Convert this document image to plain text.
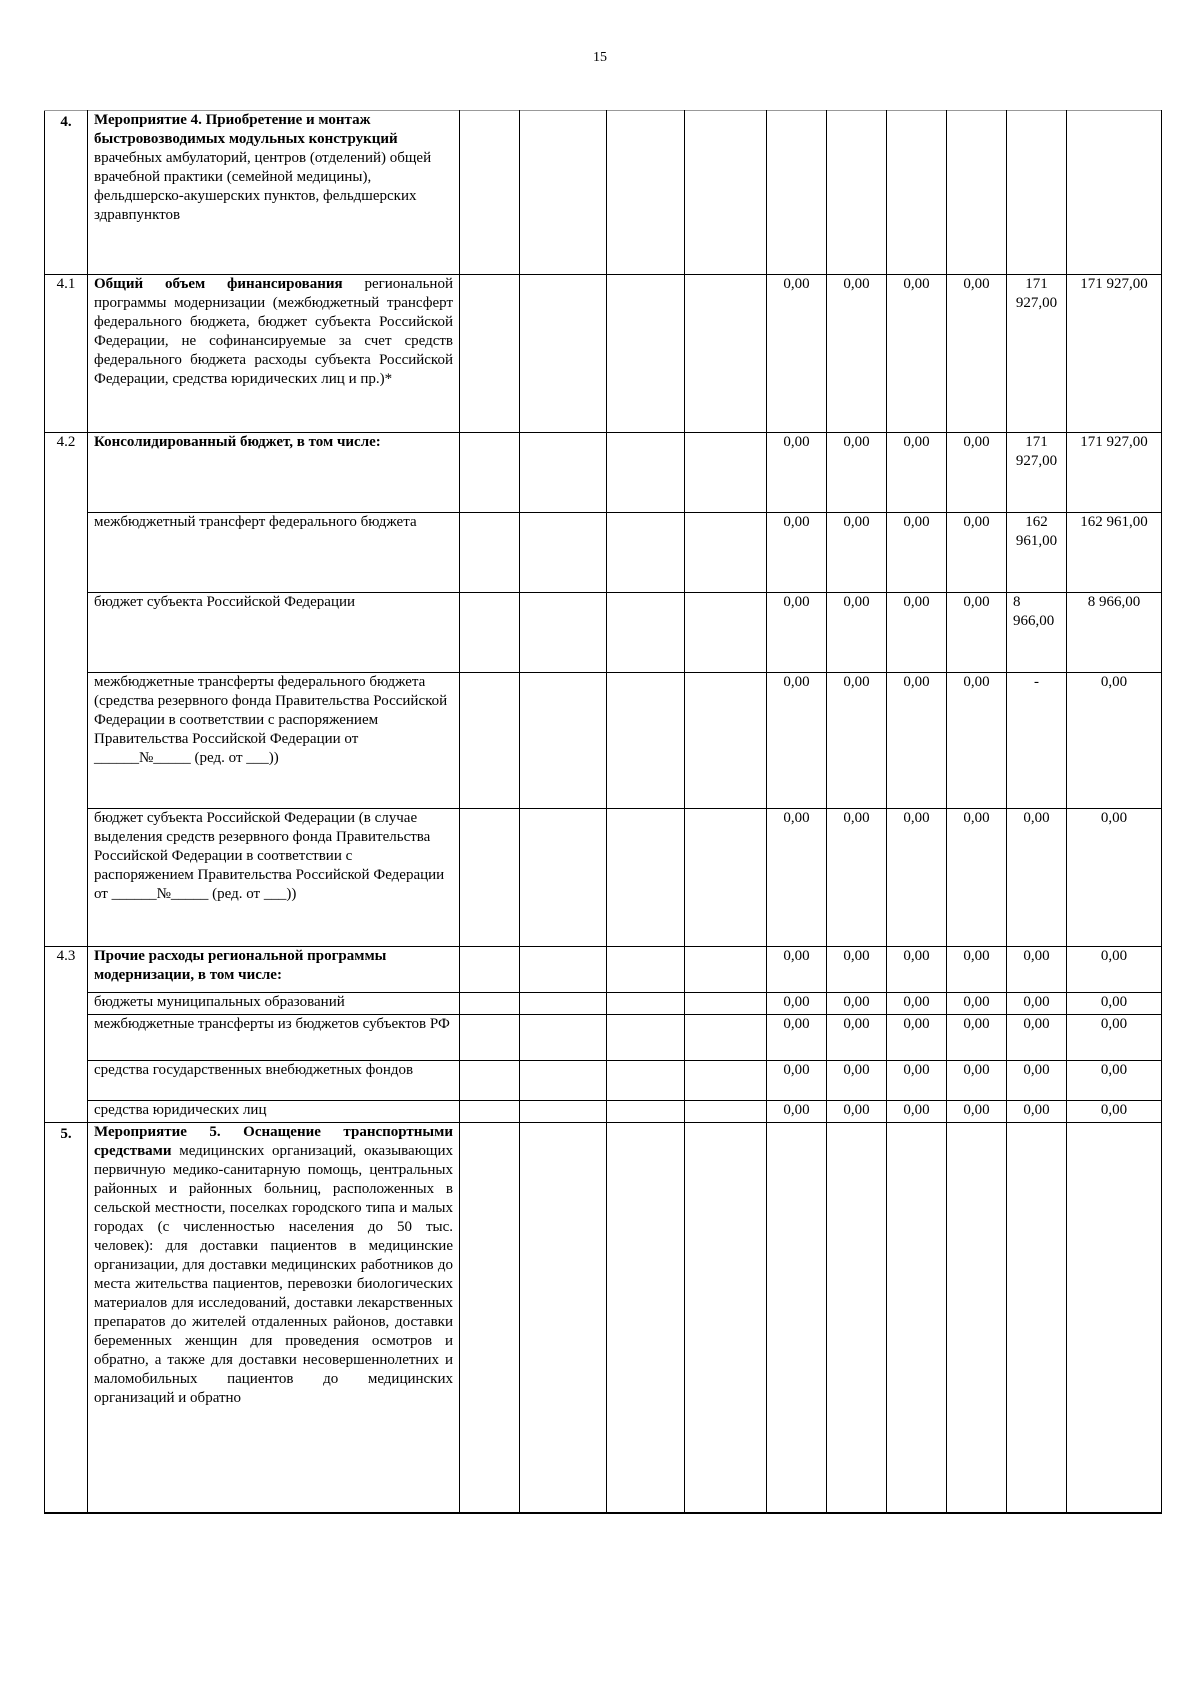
15
4.	Мероприятие 4. Приобретение и монтаж быстровозводимых модульных конструкций врачебных амбулаторий, центров (отделений) общей врачебной практики (семейной медицины), фельдшерско-акушерских пунктов, фельдшерских здравпунктов										
4.1	Общий объем финансирования региональной программы модернизации (межбюджетный трансферт федерального бюджета, бюджет субъекта Российской Федерации, не софинансируемые за счет средств федерального бюджета расходы субъекта Российской Федерации, средства юридических лиц и пр.)*					0,00	0,00	0,00	0,00	171 927,00	171 927,00
4.2	Консолидированный бюджет, в том числе:					0,00	0,00	0,00	0,00	171 927,00	171 927,00
	межбюджетный трансферт федерального бюджета					0,00	0,00	0,00	0,00	162 961,00	162 961,00
	бюджет субъекта Российской Федерации					0,00	0,00	0,00	0,00	8 966,00	8 966,00
	межбюджетные трансферты федерального бюджета (средства резервного фонда Правительства Российской Федерации в соответствии с распоряжением Правительства Российской Федерации от ______№_____ (ред. от ___))					0,00	0,00	0,00	0,00	-	0,00
	бюджет субъекта Российской Федерации (в случае выделения средств резервного фонда Правительства Российской Федерации в соответствии с распоряжением Правительства Российской Федерации от ______№_____ (ред. от ___))					0,00	0,00	0,00	0,00	0,00	0,00
4.3	Прочие расходы региональной программы модернизации, в том числе:					0,00	0,00	0,00	0,00	0,00	0,00
	бюджеты муниципальных образований					0,00	0,00	0,00	0,00	0,00	0,00
	межбюджетные трансферты из бюджетов субъектов РФ					0,00	0,00	0,00	0,00	0,00	0,00
	средства государственных внебюджетных фондов					0,00	0,00	0,00	0,00	0,00	0,00
	средства юридических лиц					0,00	0,00	0,00	0,00	0,00	0,00
5.	Мероприятие 5. Оснащение транспортными средствами медицинских организаций, оказывающих первичную медико-санитарную помощь, центральных районных и районных больниц, расположенных в сельской местности, поселках городского типа и малых городах (с численностью населения до 50 тыс. человек): для доставки пациентов в медицинские организации, для доставки медицинских работников до места жительства пациентов, перевозки биологических материалов для исследований, доставки лекарственных препаратов до жителей отдаленных районов, доставки беременных женщин для проведения осмотров и обратно, а также для доставки несовершеннолетних и маломобильных пациентов до медицинских организаций и обратно										
